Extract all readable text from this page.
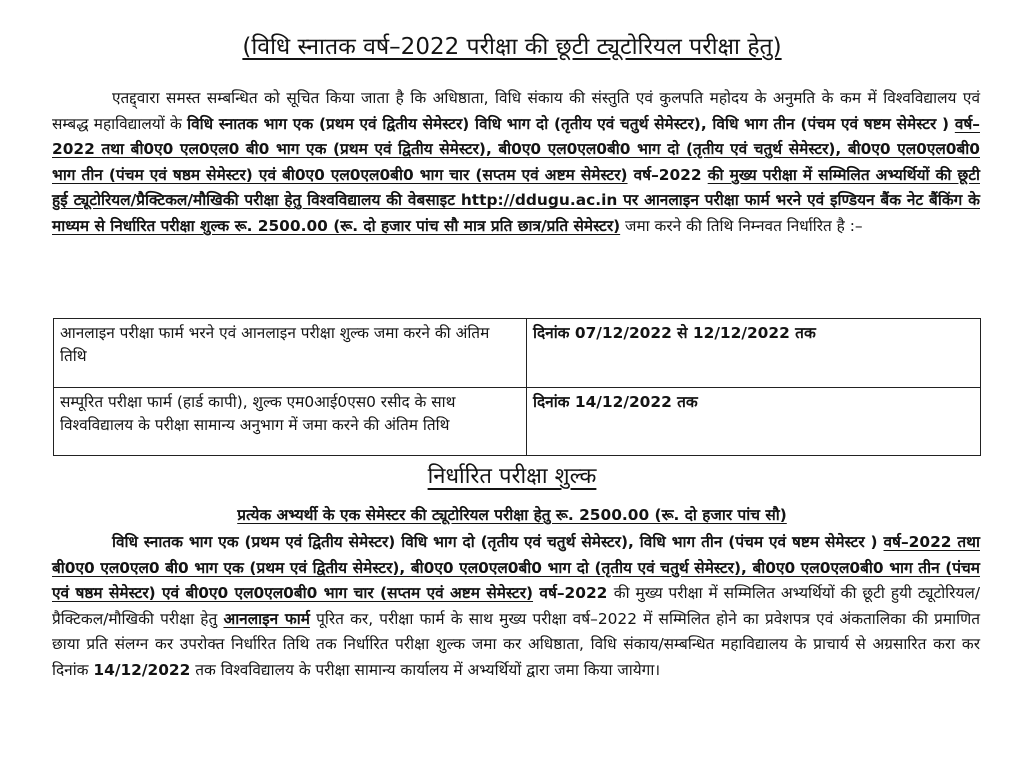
(विधि स्नातक वर्ष–2022 परीक्षा की छूटी ट्यूटोरियल परीक्षा हेतु)

एतद्द्वारा समस्त सम्बन्धित को सूचित किया जाता है कि अधिष्ठाता, विधि संकाय की संस्तुति एवं कुलपति महोदय के अनुमति के कम में विश्वविद्यालय एवं सम्बद्ध महाविद्यालयों के विधि स्नातक भाग एक (प्रथम एवं द्वितीय सेमेस्टर) विधि भाग दो (तृतीय एवं चतुर्थ सेमेस्टर), विधि भाग तीन (पंचम एवं षष्टम सेमेस्टर ) वर्ष–2022 तथा बी0ए0 एल0एल0 बी0 भाग एक (प्रथम एवं द्वितीय सेमेस्टर), बी0ए0 एल0एल0बी0 भाग दो (तृतीय एवं चतुर्थ सेमेस्टर), बी0ए0 एल0एल0बी0 भाग तीन (पंचम एवं षष्ठम सेमेस्टर) एवं बी0ए0 एल0एल0बी0 भाग चार (सप्तम एवं अष्टम सेमेस्टर) वर्ष–2022 की मुख्य परीक्षा में सम्मिलित अभ्यर्थियों की छूटी हुई ट्यूटोरियल/प्रैक्टिकल/मौखिकी परीक्षा हेतु विश्वविद्यालय की वेबसाइट http://ddugu.ac.in पर आनलाइन परीक्षा फार्म भरने एवं इण्डियन बैंक नेट बैंकिंग के माध्यम से निर्धारित परीक्षा शुल्क रू. 2500.00 (रू. दो हजार पांच सौ मात्र प्रति छात्र/प्रति सेमेस्टर) जमा करने की तिथि निम्नवत निर्धारित है :–

आनलाइन परीक्षा फार्म भरने एवं आनलाइन परीक्षा शुल्क जमा करने की अंतिम तिथि	दिनांक 07/12/2022 से 12/12/2022 तक
सम्पूरित परीक्षा फार्म (हार्ड कापी), शुल्क एम0आई0एस0 रसीद के साथ विश्वविद्यालय के परीक्षा सामान्य अनुभाग में जमा करने की अंतिम तिथि	दिनांक 14/12/2022 तक
निर्धारित परीक्षा शुल्क
प्रत्येक अभ्यर्थी के एक सेमेस्टर की ट्यूटोरियल परीक्षा हेतु रू. 2500.00 (रू. दो हजार पांच सौ)

विधि स्नातक भाग एक (प्रथम एवं द्वितीय सेमेस्टर) विधि भाग दो (तृतीय एवं चतुर्थ सेमेस्टर), विधि भाग तीन (पंचम एवं षष्टम सेमेस्टर ) वर्ष–2022 तथा बी0ए0 एल0एल0 बी0 भाग एक (प्रथम एवं द्वितीय सेमेस्टर), बी0ए0 एल0एल0बी0 भाग दो (तृतीय एवं चतुर्थ सेमेस्टर), बी0ए0 एल0एल0बी0 भाग तीन (पंचम एवं षष्ठम सेमेस्टर) एवं बी0ए0 एल0एल0बी0 भाग चार (सप्तम एवं अष्टम सेमेस्टर) वर्ष–2022 की मुख्य परीक्षा में सम्मिलित अभ्यर्थियों की छूटी हुयी ट्यूटोरियल/प्रैक्टिकल/मौखिकी परीक्षा हेतु आनलाइन फार्म पूरित कर, परीक्षा फार्म के साथ मुख्य परीक्षा वर्ष–2022 में सम्मिलित होने का प्रवेशपत्र एवं अंकतालिका की प्रमाणित छाया प्रति संलग्न कर उपरोक्त निर्धारित तिथि तक निर्धारित परीक्षा शुल्क जमा कर अधिष्ठाता, विधि संकाय/सम्बन्धित महाविद्यालय के प्राचार्य से अग्रसारित करा कर दिनांक 14/12/2022 तक विश्वविद्यालय के परीक्षा सामान्य कार्यालय में अभ्यर्थियों द्वारा जमा किया जायेगा।
